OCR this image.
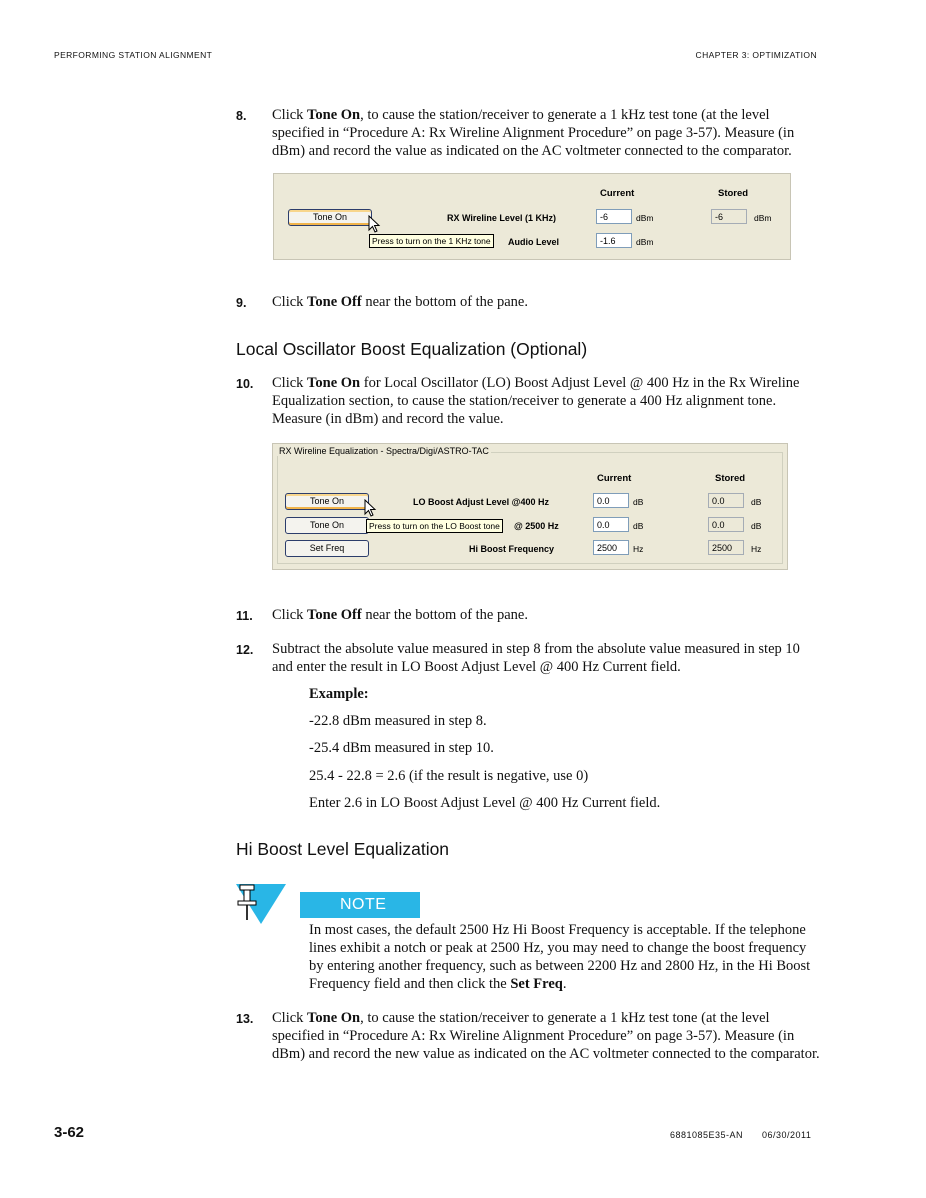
PERFORMING STATION ALIGNMENT	CHAPTER 3: OPTIMIZATION
8. Click Tone On, to cause the station/receiver to generate a 1 kHz test tone (at the level specified in “Procedure A: Rx Wireline Alignment Procedure” on page 3-57). Measure (in dBm) and record the value as indicated on the AC voltmeter connected to the comparator.
Current	Stored
Tone On	RX Wireline Level (1 KHz)	-6	dBm	-6	dBm
Audio Level	-1.6	dBm
Press to turn on the 1 KHz tone
9. Click Tone Off near the bottom of the pane.
Local Oscillator Boost Equalization (Optional)
10. Click Tone On for Local Oscillator (LO) Boost Adjust Level @ 400 Hz in the Rx Wireline Equalization section, to cause the station/receiver to generate a 400 Hz alignment tone. Measure (in dBm) and record the value.
RX Wireline Equalization - Spectra/Digi/ASTRO-TAC
Current	Stored
Tone On	LO Boost Adjust Level @400 Hz	0.0	dB	0.0	dB
Tone On	@ 2500 Hz	0.0	dB	0.0	dB
Press to turn on the LO Boost tone
Set Freq	Hi Boost Frequency	2500	Hz	2500	Hz
11. Click Tone Off near the bottom of the pane.
12. Subtract the absolute value measured in step 8 from the absolute value measured in step 10 and enter the result in LO Boost Adjust Level @ 400 Hz Current field.
Example:
-22.8 dBm measured in step 8.
-25.4 dBm measured in step 10.
25.4 - 22.8 = 2.6 (if the result is negative, use 0)
Enter 2.6 in LO Boost Adjust Level @ 400 Hz Current field.
Hi Boost Level Equalization
NOTE
In most cases, the default 2500 Hz Hi Boost Frequency is acceptable. If the telephone lines exhibit a notch or peak at 2500 Hz, you may need to change the boost frequency by entering another frequency, such as between 2200 Hz and 2800 Hz, in the Hi Boost Frequency field and then click the Set Freq.
13. Click Tone On, to cause the station/receiver to generate a 1 kHz test tone (at the level specified in “Procedure A: Rx Wireline Alignment Procedure” on page 3-57). Measure (in dBm) and record the new value as indicated on the AC voltmeter connected to the comparator.
3-62	6881085E35-AN 06/30/2011
